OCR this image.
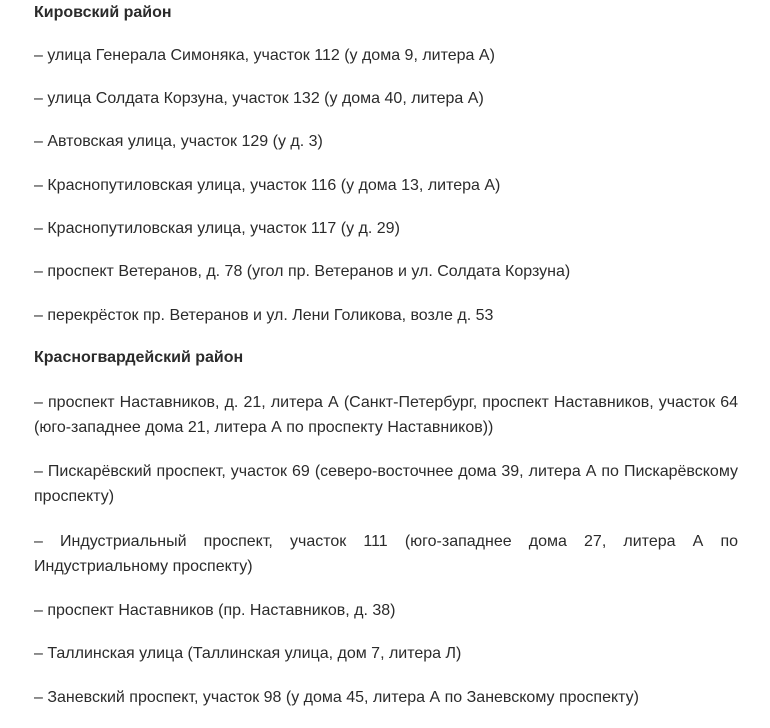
Кировский район
– улица Генерала Симоняка, участок 112 (у дома 9, литера А)
– улица Солдата Корзуна, участок 132 (у дома 40, литера А)
– Автовская улица, участок 129 (у д. 3)
– Краснопутиловская улица, участок 116 (у дома 13, литера А)
– Краснопутиловская улица, участок 117 (у д. 29)
– проспект Ветеранов, д. 78 (угол пр. Ветеранов и ул. Солдата Корзуна)
– перекрёсток пр. Ветеранов и ул. Лени Голикова, возле д. 53
Красногвардейский район
– проспект Наставников, д. 21, литера А (Санкт-Петербург, проспект Наставников, участок 64 (юго-западнее дома 21, литера А по проспекту Наставников))
– Пискарёвский проспект, участок 69 (северо-восточнее дома 39, литера А по Пискарёвскому проспекту)
– Индустриальный проспект, участок 111 (юго-западнее дома 27, литера А по Индустриальному проспекту)
– проспект Наставников (пр. Наставников, д. 38)
– Таллинская улица (Таллинская улица, дом 7, литера Л)
– Заневский проспект, участок 98 (у дома 45, литера А по Заневскому проспекту)
